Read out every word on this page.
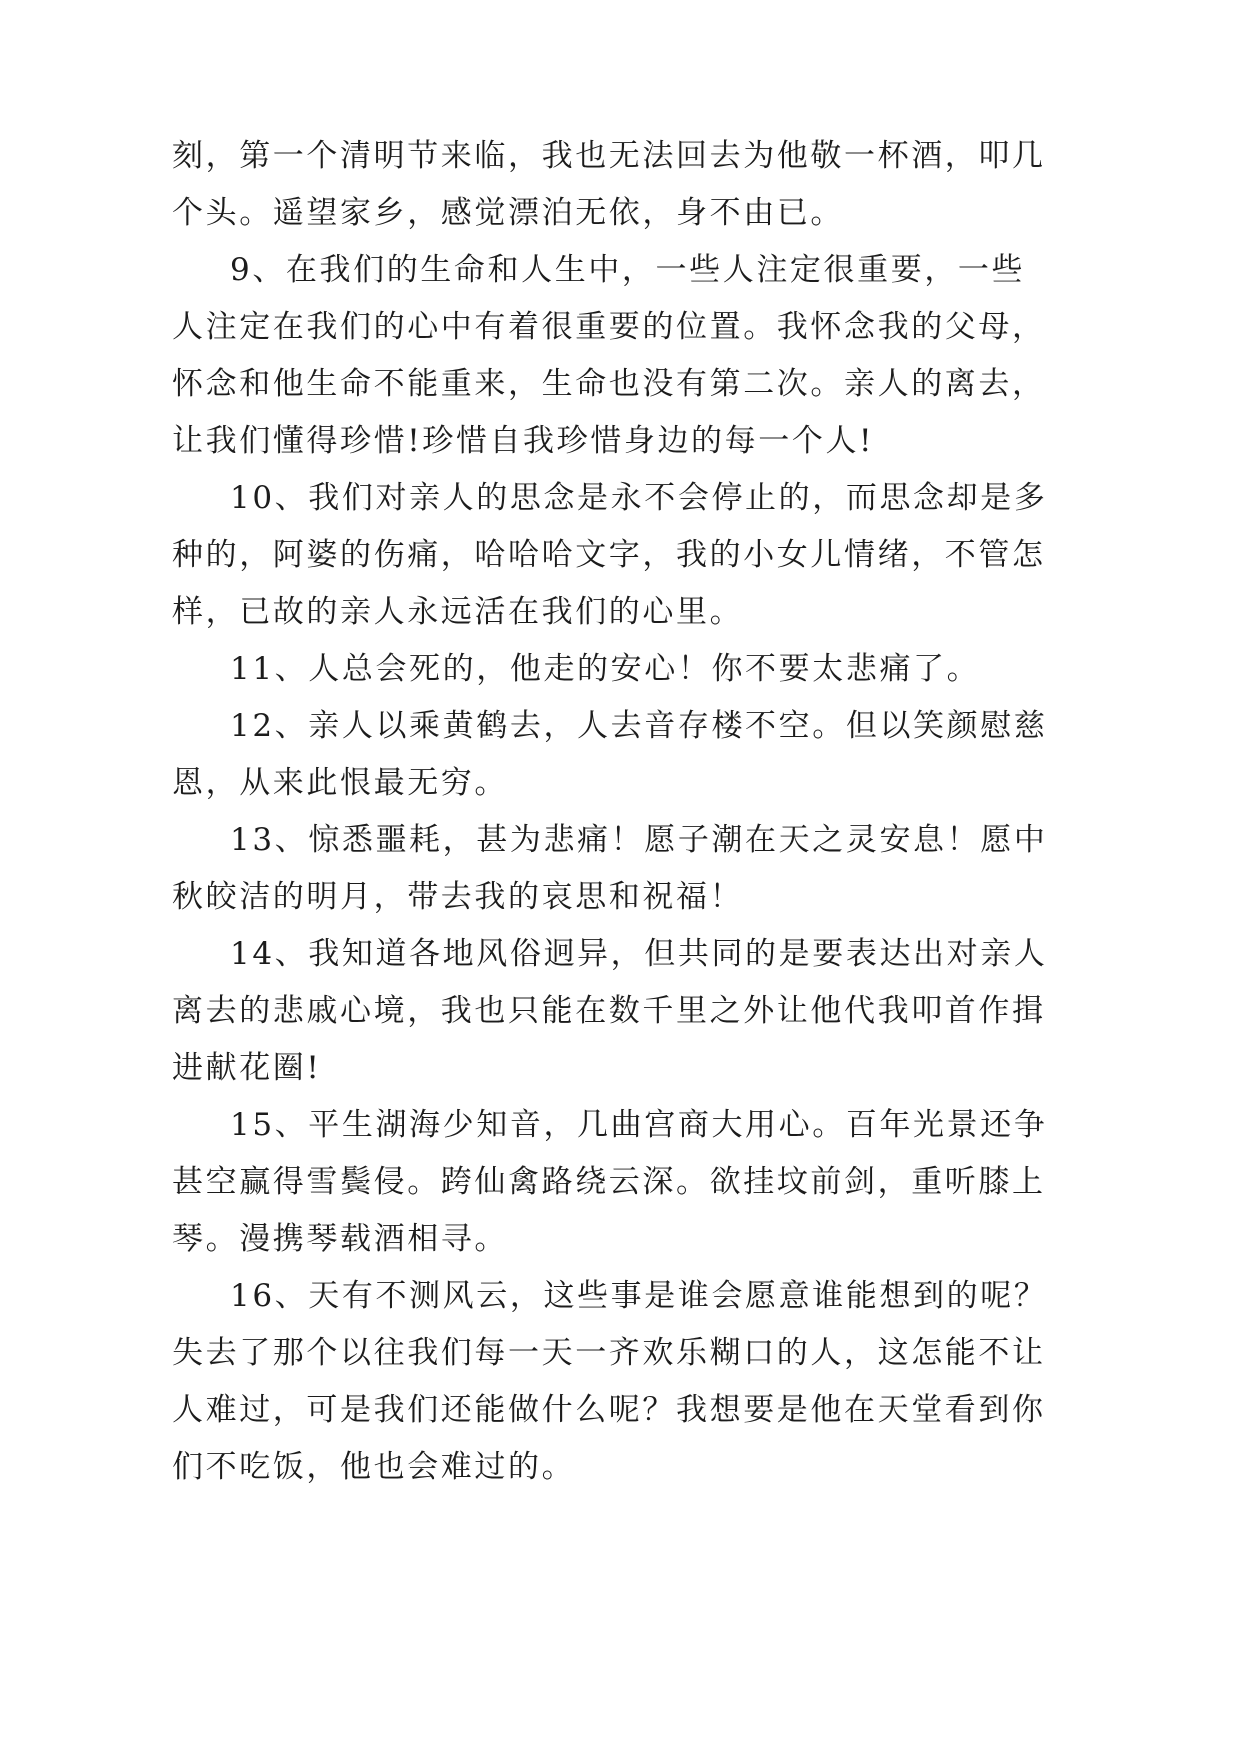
刻，第一个清明节来临，我也无法回去为他敬一杯酒，叩几

个头。遥望家乡，感觉漂泊无依，身不由已。

9、在我们的生命和人生中，一些人注定很重要，一些

人注定在我们的心中有着很重要的位置。我怀念我的父母，

怀念和他生命不能重来，生命也没有第二次。亲人的离去，

让我们懂得珍惜!珍惜自我珍惜身边的每一个人!

10、我们对亲人的思念是永不会停止的，而思念却是多

种的，阿婆的伤痛，哈哈哈文字，我的小女儿情绪，不管怎

样，已故的亲人永远活在我们的心里。

11、人总会死的，他走的安心！你不要太悲痛了。

12、亲人以乘黄鹤去，人去音存楼不空。但以笑颜慰慈

恩，从来此恨最无穷。

13、惊悉噩耗，甚为悲痛！愿子潮在天之灵安息！愿中

秋皎洁的明月，带去我的哀思和祝福！

14、我知道各地风俗迥异，但共同的是要表达出对亲人

离去的悲戚心境，我也只能在数千里之外让他代我叩首作揖

进献花圈!

15、平生湖海少知音，几曲宫商大用心。百年光景还争

甚空赢得雪鬓侵。跨仙禽路绕云深。欲挂坟前剑，重听膝上

琴。漫携琴载酒相寻。

16、天有不测风云，这些事是谁会愿意谁能想到的呢？

失去了那个以往我们每一天一齐欢乐糊口的人，这怎能不让

人难过，可是我们还能做什么呢？我想要是他在天堂看到你

们不吃饭，他也会难过的。
